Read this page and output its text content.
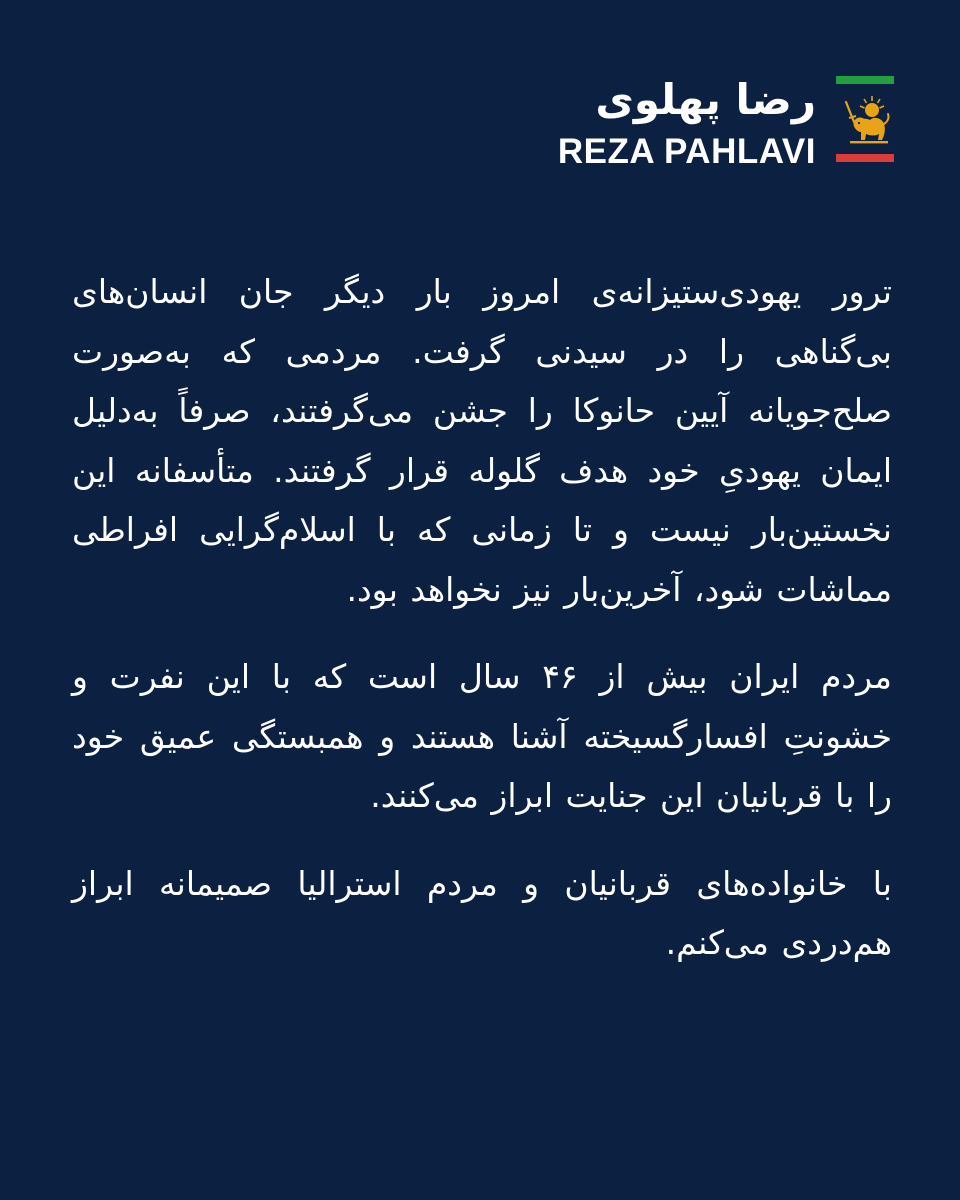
رضا پهلوی
REZA PAHLAVI

ترور یهودی‌ستیزانه‌ی امروز بار دیگر جان انسان‌های بی‌گناهی را در سیدنی گرفت. مردمی که به‌صورت صلح‌جویانه آیین حانوکا را جشن می‌گرفتند، صرفاً به‌دلیل ایمان یهودیِ خود هدف گلوله قرار گرفتند. متأسفانه این نخستین‌بار نیست و تا زمانی که با اسلام‌گرایی افراطی مماشات شود، آخرین‌بار نیز نخواهد بود.

مردم ایران بیش از ۴۶ سال است که با این نفرت و خشونتِ افسارگسیخته آشنا هستند و همبستگی عمیق خود را با قربانیان این جنایت ابراز می‌کنند.

با خانواده‌های قربانیان و مردم استرالیا صمیمانه ابراز هم‌دردی می‌کنم.
